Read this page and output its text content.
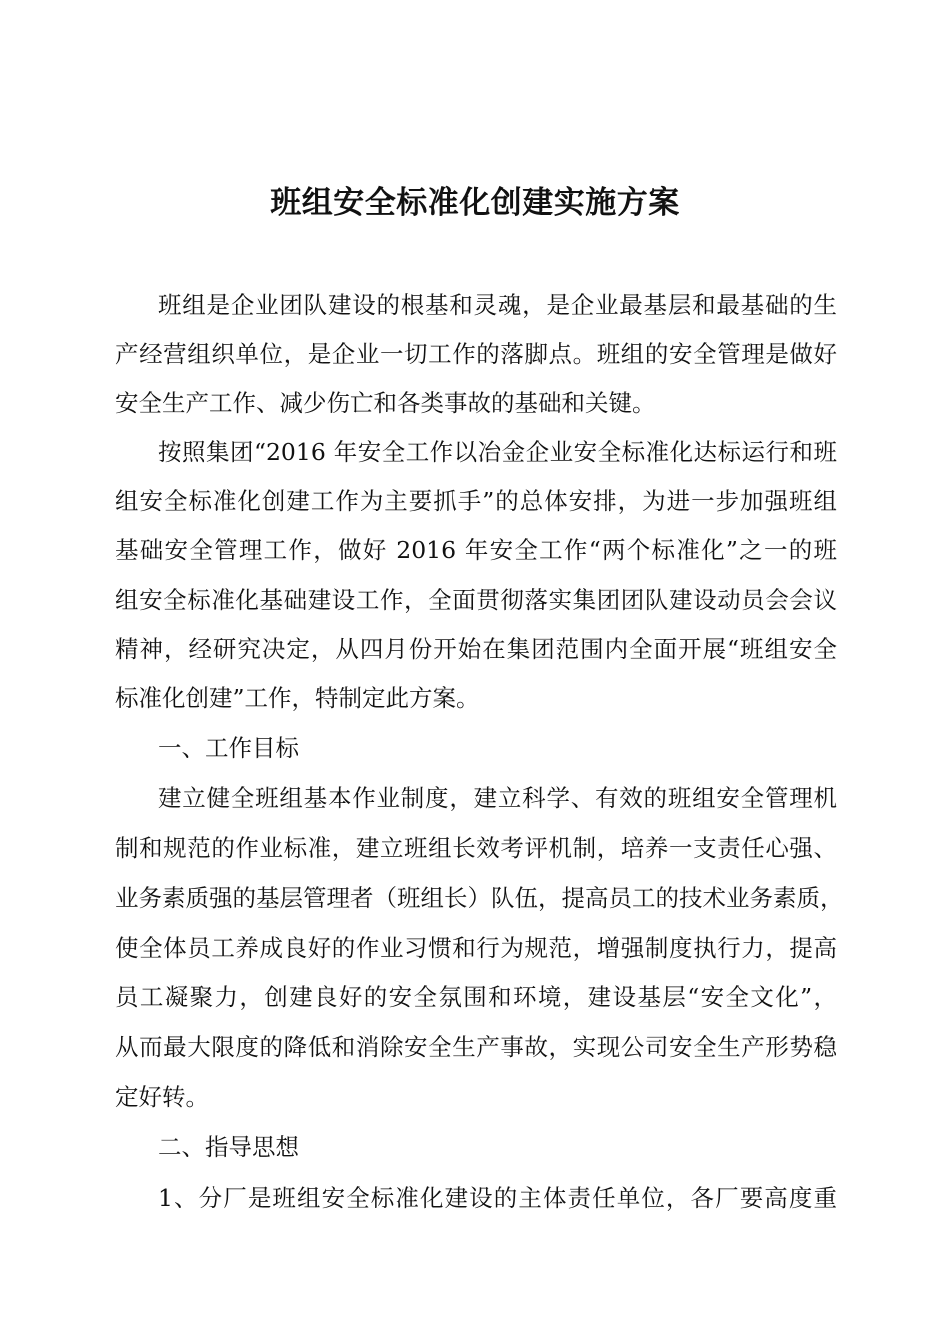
班组安全标准化创建实施方案
班组是企业团队建设的根基和灵魂，是企业最基层和最基础的生
产经营组织单位，是企业一切工作的落脚点。班组的安全管理是做好
安全生产工作、减少伤亡和各类事故的基础和关键。
按照集团“2016 年安全工作以冶金企业安全标准化达标运行和班
组安全标准化创建工作为主要抓手”的总体安排，为进一步加强班组
基础安全管理工作，做好 2016 年安全工作“两个标准化”之一的班
组安全标准化基础建设工作，全面贯彻落实集团团队建设动员会会议
精神，经研究决定，从四月份开始在集团范围内全面开展“班组安全
标准化创建”工作，特制定此方案。
一、工作目标
建立健全班组基本作业制度，建立科学、有效的班组安全管理机
制和规范的作业标准，建立班组长效考评机制，培养一支责任心强、
业务素质强的基层管理者（班组长）队伍，提高员工的技术业务素质，
使全体员工养成良好的作业习惯和行为规范，增强制度执行力，提高
员工凝聚力，创建良好的安全氛围和环境，建设基层“安全文化”，
从而最大限度的降低和消除安全生产事故，实现公司安全生产形势稳
定好转。
二、指导思想
1、分厂是班组安全标准化建设的主体责任单位，各厂要高度重
